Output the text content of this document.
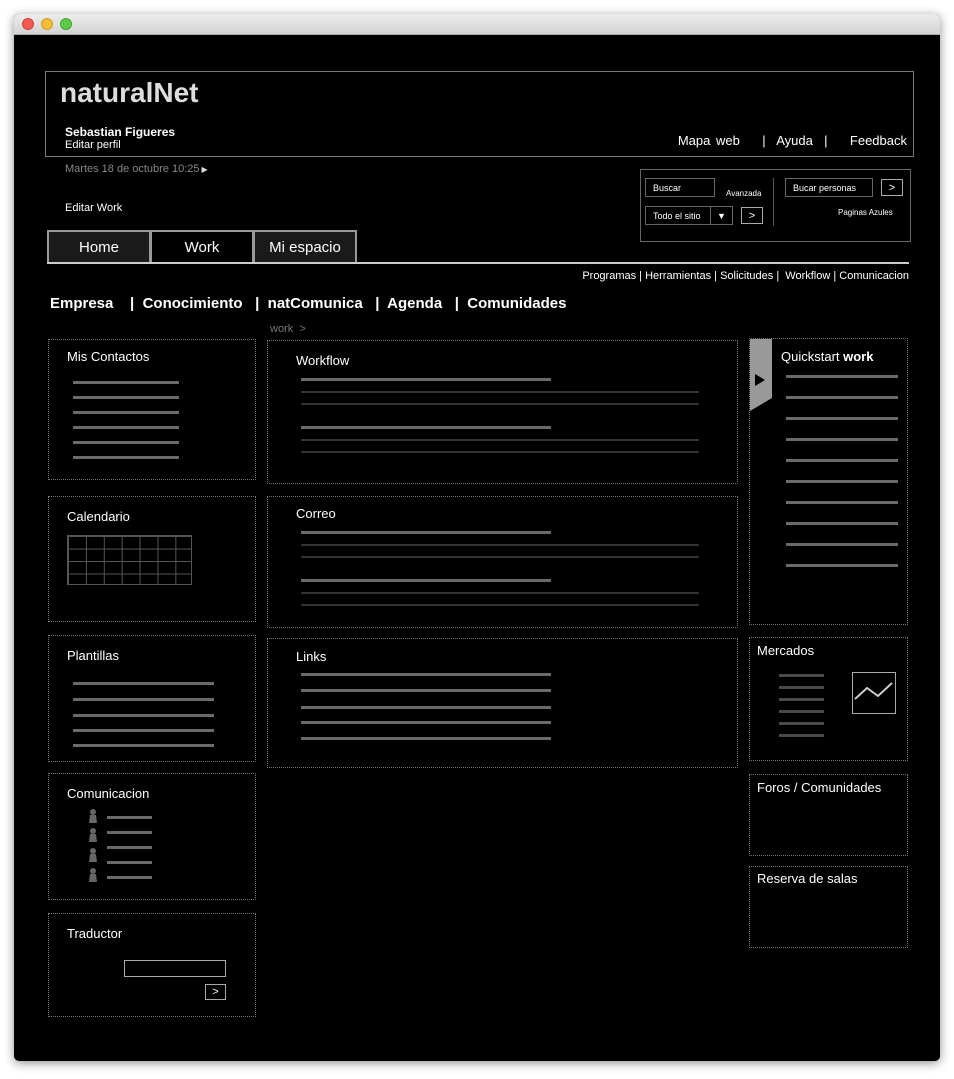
naturalNet
Sebastian Figueres
Editar perfil	Mapa web | Ayuda | Feedback
Martes 18 de octubre 10:25 ▶
Editar Work
Buscar
Avanzada
Todo el sitio	▼	>
Bucar personas	>
Paginas Azules
Home	Work	Mi espacio
Programas | Herramientas | Solicitudes |  Workflow | Comunicacion
Empresa | Conocimiento | natComunica | Agenda | Comunidades
work  >
Mis Contactos
Calendario
Plantillas
Comunicacion
Traductor
>
Workflow
Correo
Links
Quickstart work
Mercados
Foros / Comunidades
Reserva de salas
